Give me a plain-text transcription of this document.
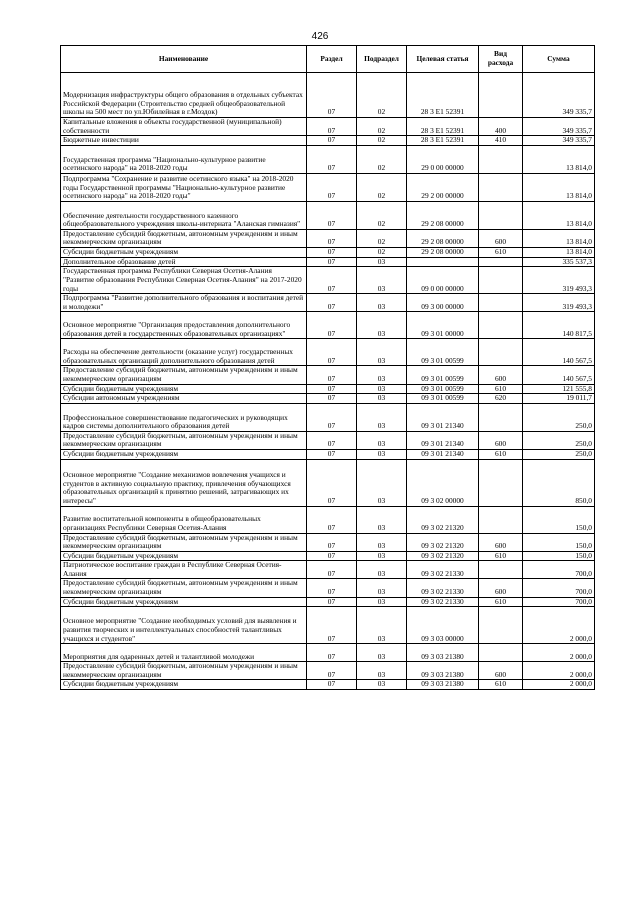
426
Наименование	Раздел	Подраздел	Целевая статья	Вид расхода	Сумма
Модернизация инфраструктуры общего образования в отдельных субъектах Российской Федерации (Строительство средней общеобразовательной школы на 500 мест по ул.Юбилейная в г.Моздок)	07	02	28 3 E1 52391		349 335,7
Капитальные вложения в объекты государственной (муниципальной) собственности	07	02	28 3 E1 52391	400	349 335,7
Бюджетные инвестиции	07	02	28 3 E1 52391	410	349 335,7
Государственная программа "Национально-культурное развитие осетинского народа" на 2018-2020 годы	07	02	29 0 00 00000		13 814,0
Подпрограмма "Сохранение и развитие осетинского языка" на 2018-2020 годы Государственной программы "Национально-культурное развитие осетинского народа" на 2018-2020 годы"	07	02	29 2 00 00000		13 814,0
Обеспечение деятельности государственного казенного общеобразовательного учреждения школы-интерната "Аланская гимназия"	07	02	29 2 08 00000		13 814,0
Предоставление субсидий бюджетным, автономным учреждениям и иным некоммерческим организациям	07	02	29 2 08 00000	600	13 814,0
Субсидии бюджетным учреждениям	07	02	29 2 08 00000	610	13 814,0
Дополнительное образование детей	07	03			335 537,3
Государственная программа Республики Северная Осетия-Алания "Развитие образования Республики Северная Осетия-Алания" на 2017-2020 годы	07	03	09 0 00 00000		319 493,3
Подпрограмма "Развитие дополнительного образования и воспитания детей и молодежи"	07	03	09 3 00 00000		319 493,3
Основное мероприятие "Организация предоставления дополнительного образования детей в государственных образовательных организациях"	07	03	09 3 01 00000		140 817,5
Расходы на обеспечение деятельности (оказание услуг) государственных образовательных организаций дополнительного образования детей	07	03	09 3 01 00599		140 567,5
Предоставление субсидий бюджетным, автономным учреждениям и иным некоммерческим организациям	07	03	09 3 01 00599	600	140 567,5
Субсидии бюджетным учреждениям	07	03	09 3 01 00599	610	121 555,8
Субсидии автономным учреждениям	07	03	09 3 01 00599	620	19 011,7
Профессиональное совершенствование педагогических и руководящих кадров системы дополнительного образования детей	07	03	09 3 01 21340		250,0
Предоставление субсидий бюджетным, автономным учреждениям и иным некоммерческим организациям	07	03	09 3 01 21340	600	250,0
Субсидии бюджетным учреждениям	07	03	09 3 01 21340	610	250,0
Основное мероприятие "Создание механизмов вовлечения учащихся и студентов в активную социальную практику, привлечения обучающихся образовательных организаций к принятию решений, затрагивающих их интересы"	07	03	09 3 02 00000		850,0
Развитие воспитательной компоненты в общеобразовательных организациях Республики Северная Осетия-Алания	07	03	09 3 02 21320		150,0
Предоставление субсидий бюджетным, автономным учреждениям и иным некоммерческим организациям	07	03	09 3 02 21320	600	150,0
Субсидии бюджетным учреждениям	07	03	09 3 02 21320	610	150,0
Патриотическое воспитание граждан в Республике Северная Осетия-Алания	07	03	09 3 02 21330		700,0
Предоставление субсидий бюджетным, автономным учреждениям и иным некоммерческим организациям	07	03	09 3 02 21330	600	700,0
Субсидии бюджетным учреждениям	07	03	09 3 02 21330	610	700,0
Основное мероприятие "Создание необходимых условий для выявления и развития творческих и интеллектуальных способностей талантливых учащихся и студентов"	07	03	09 3 03 00000		2 000,0
Мероприятия для одаренных детей и талантливой молодежи	07	03	09 3 03 21380		2 000,0
Предоставление субсидий бюджетным, автономным учреждениям и иным некоммерческим организациям	07	03	09 3 03 21380	600	2 000,0
Субсидии бюджетным учреждениям	07	03	09 3 03 21380	610	2 000,0
